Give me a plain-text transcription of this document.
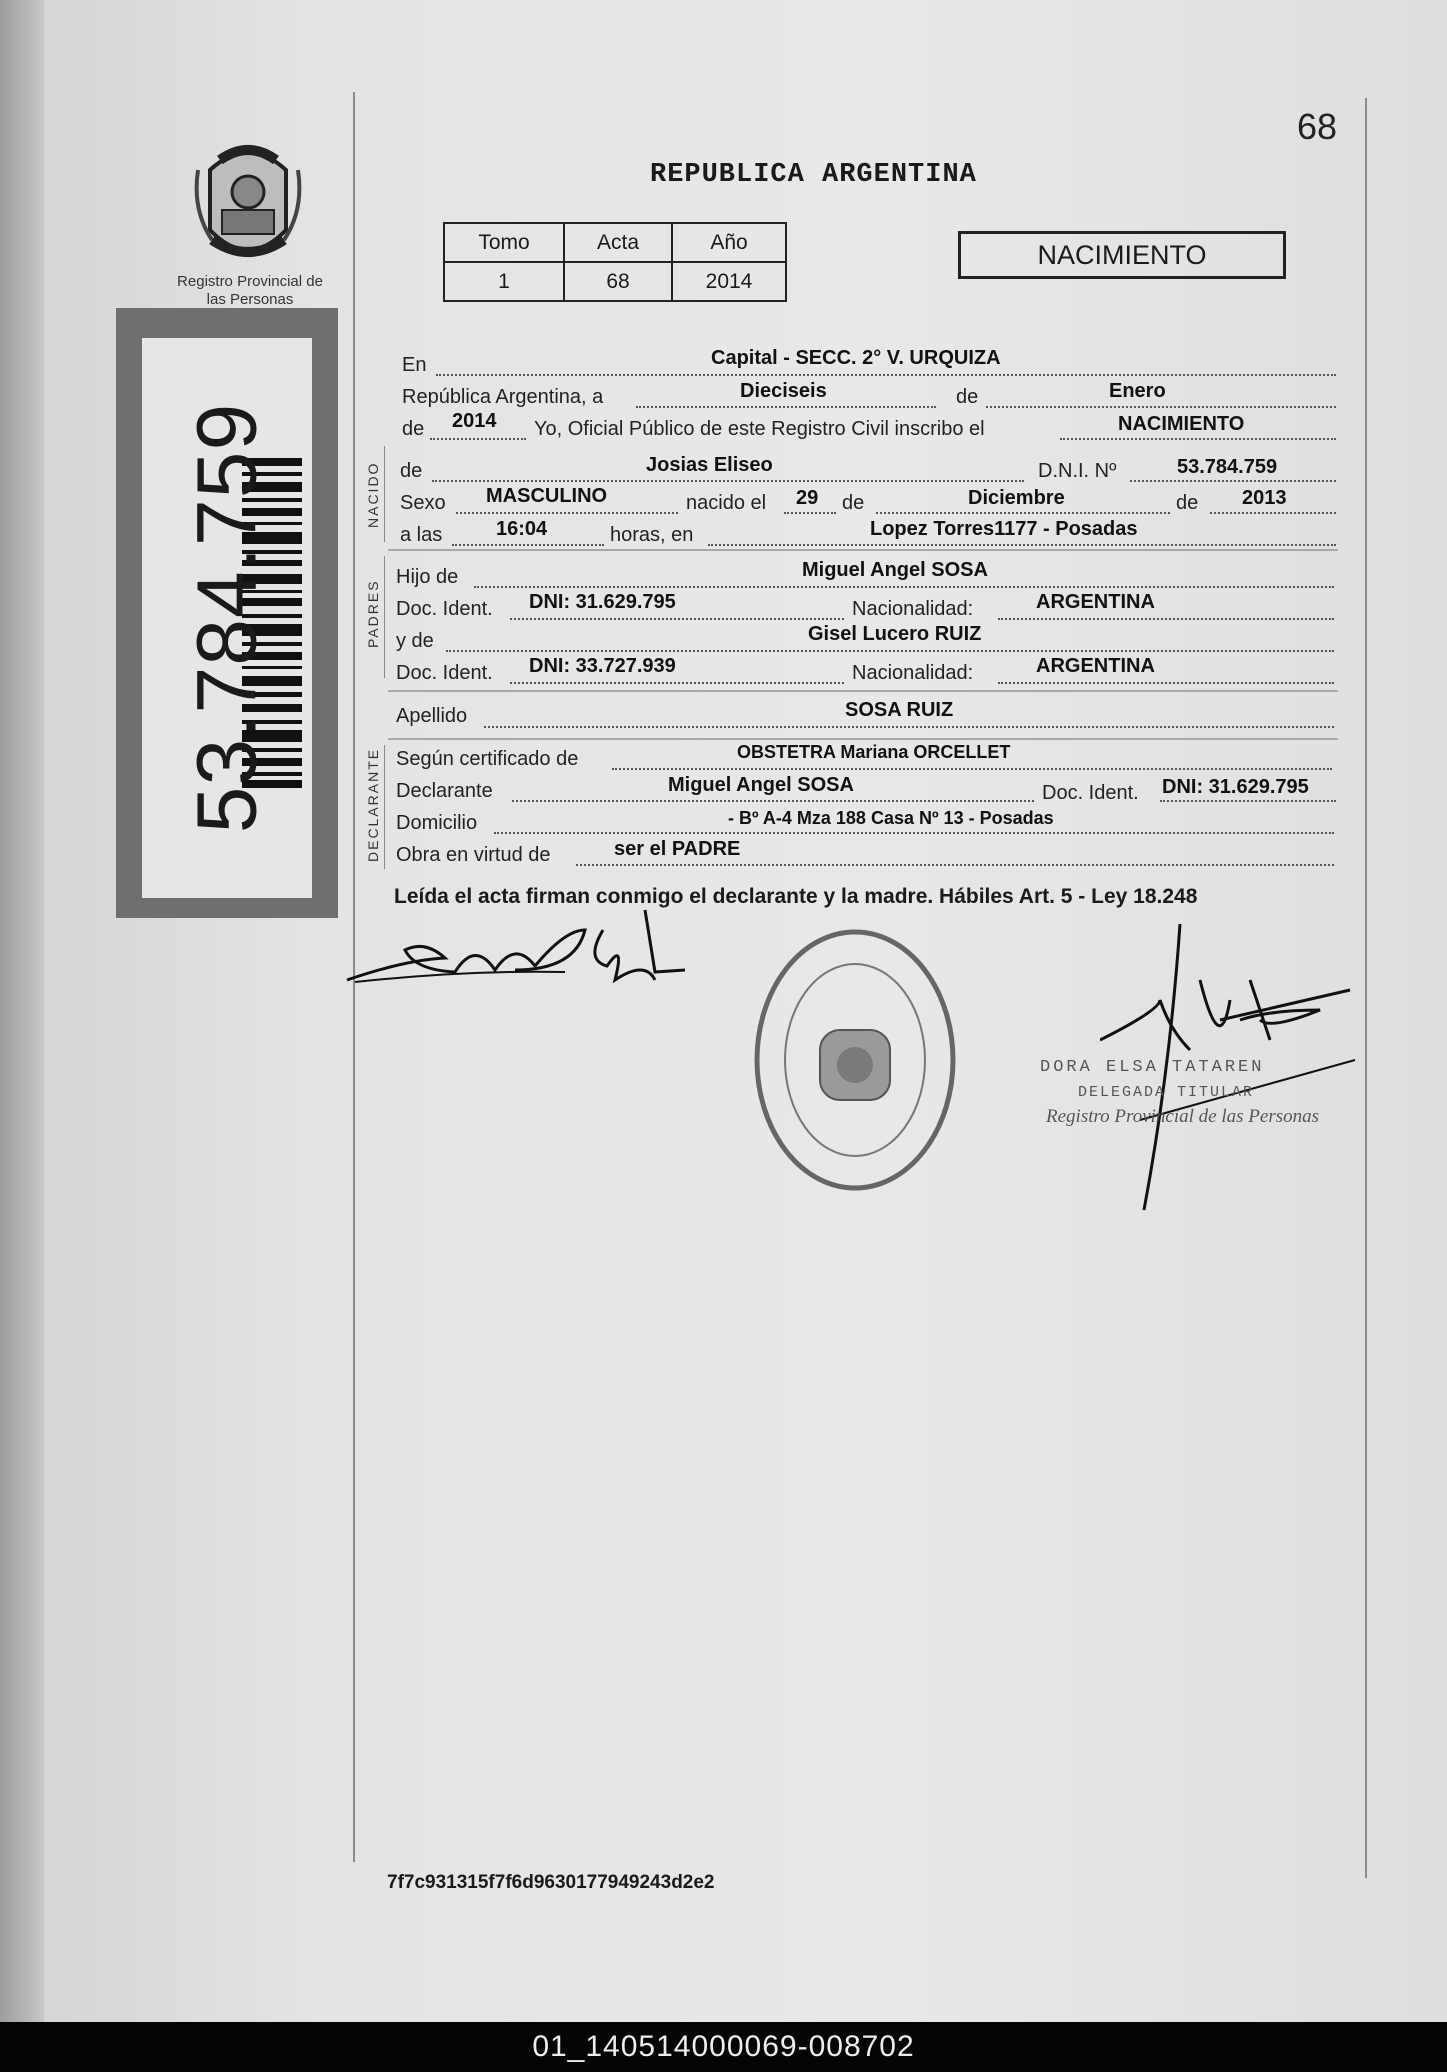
68
REPUBLICA ARGENTINA
Registro Provincial de las Personas
53.784.759
Tomo	Acta	Año
1	68	2014
NACIMIENTO
NACIDO
PADRES
DECLARANTE
En	Capital - SECC. 2° V. URQUIZA
República Argentina, a	Dieciseis	de	Enero
de 2014 Yo, Oficial Público de este Registro Civil inscribo el	NACIMIENTO
de	Josias Eliseo	D.N.I. Nº	53.784.759
Sexo MASCULINO	nacido el 29 de	Diciembre	de 2013
a las	16:04	horas, en	Lopez Torres1177 - Posadas
Hijo de	Miguel Angel SOSA
Doc. Ident. DNI: 31.629.795	Nacionalidad:	ARGENTINA
y de	Gisel Lucero RUIZ
Doc. Ident. DNI: 33.727.939	Nacionalidad:	ARGENTINA
Apellido	SOSA RUIZ
Según certificado de	OBSTETRA Mariana ORCELLET
Declarante	Miguel Angel SOSA	Doc. Ident. DNI: 31.629.795
Domicilio	- Bº A-4 Mza 188 Casa Nº 13 - Posadas
Obra en virtud de	ser el PADRE
Leída el acta firman conmigo el declarante y la madre. Hábiles Art. 5 - Ley 18.248
DORA ELSA TATAREN
DELEGADA TITULAR
Registro Provincial de las Personas
7f7c931315f7f6d9630177949243d2e2
01_140514000069-008702
